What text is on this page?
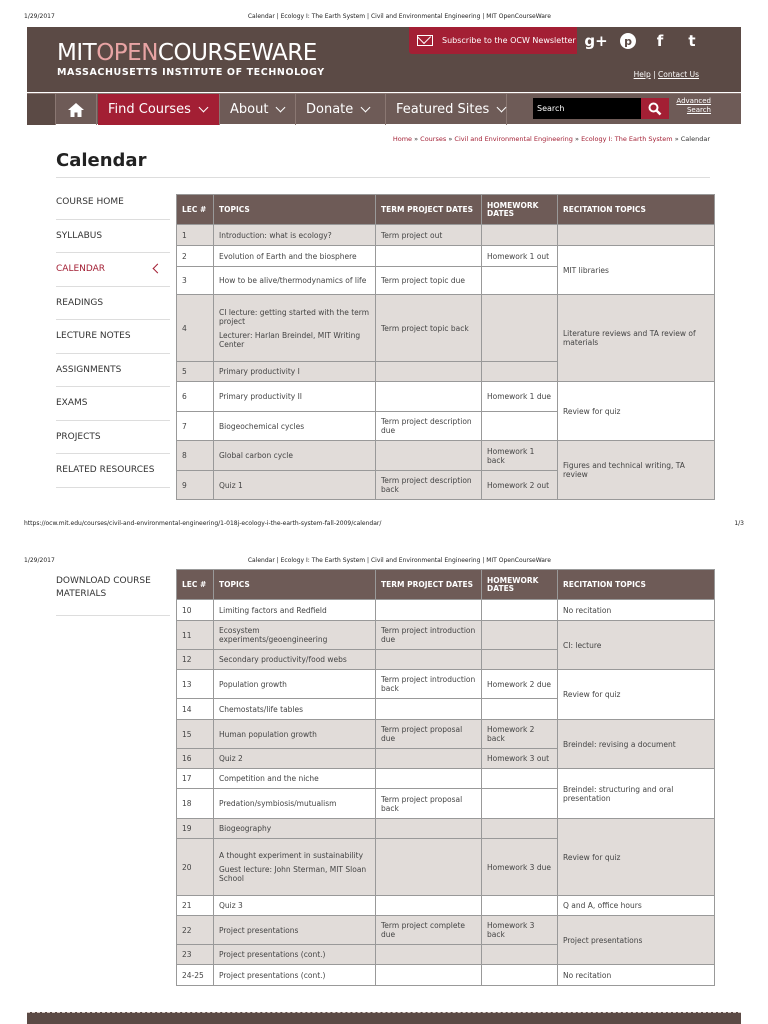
1/29/2017	Calendar | Ecology I: The Earth System | Civil and Environmental Engineering | MIT OpenCourseWare
MITOPENCOURSEWARE
MASSACHUSETTS INSTITUTE OF TECHNOLOGY
Subscribe to the OCW Newsletter g+	p	f	t
Help | Contact Us
Find Courses	About	Donate	Featured Sites
Search
Advanced
Search
Home » Courses » Civil and Environmental Engineering » Ecology I: The Earth System » Calendar
Calendar
COURSE HOME
SYLLABUS
CALENDAR
READINGS
LECTURE NOTES
ASSIGNMENTS
EXAMS
PROJECTS
RELATED RESOURCES
LEC #	TOPICS	TERM PROJECT DATES	HOMEWORK DATES	RECITATION TOPICS
1	Introduction: what is ecology?	Term project out		
2	Evolution of Earth and the biosphere		Homework 1 out	MIT libraries
3	How to be alive/thermodynamics of life	Term project topic due		
4	CI lecture: getting started with the term project
Lecturer: Harlan Breindel, MIT Writing Center	Term project topic back		Literature reviews and TA review of materials
5	Primary productivity I			
6	Primary productivity II		Homework 1 due	Review for quiz
7	Biogeochemical cycles	Term project description due		
8	Global carbon cycle		Homework 1 back	Figures and technical writing, TA review
9	Quiz 1	Term project description back	Homework 2 out	
https://ocw.mit.edu/courses/civil-and-environmental-engineering/1-018j-ecology-i-the-earth-system-fall-2009/calendar/	1/3
1/29/2017	Calendar | Ecology I: The Earth System | Civil and Environmental Engineering | MIT OpenCourseWare
DOWNLOAD COURSE MATERIALS
LEC #	TOPICS	TERM PROJECT DATES	HOMEWORK DATES	RECITATION TOPICS
10	Limiting factors and Redfield			No recitation
11	Ecosystem experiments/geoengineering	Term project introduction due		CI: lecture
12	Secondary productivity/food webs			
13	Population growth	Term project introduction back	Homework 2 due	Review for quiz
14	Chemostats/life tables			
15	Human population growth	Term project proposal due	Homework 2 back	Breindel: revising a document
16	Quiz 2		Homework 3 out	
17	Competition and the niche			Breindel: structuring and oral presentation
18	Predation/symbiosis/mutualism	Term project proposal back		
19	Biogeography			Review for quiz
20	A thought experiment in sustainability
Guest lecture: John Sterman, MIT Sloan School		Homework 3 due	
21	Quiz 3			Q and A, office hours
22	Project presentations	Term project complete due	Homework 3 back	Project presentations
23	Project presentations (cont.)			
24-25	Project presentations (cont.)			No recitation
